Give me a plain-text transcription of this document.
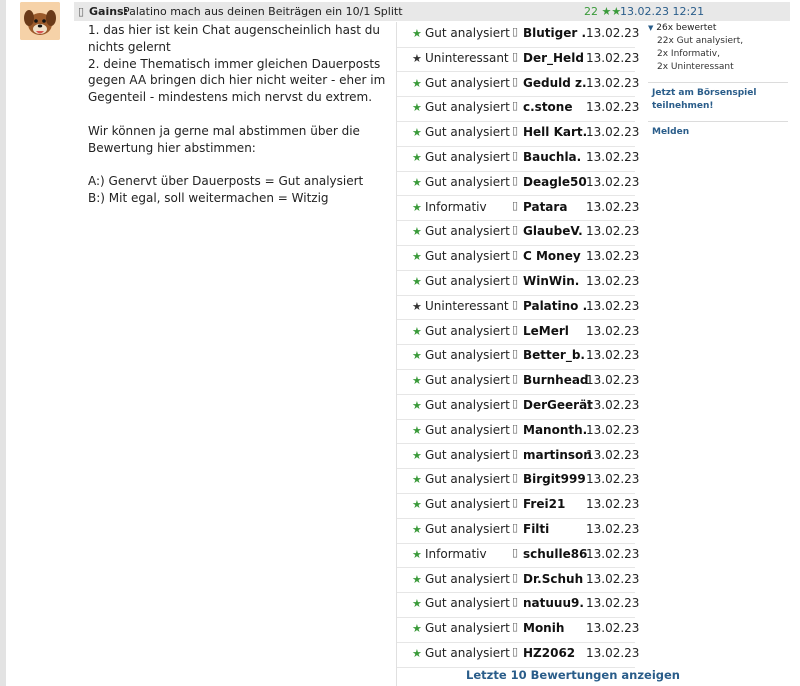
▯ Gains:
Palatino mach aus deinen Beiträgen ein 10/1 Splitt	22 ★★
13.02.23 12:21

1. das hier ist kein Chat augenscheinlich hast du nichts gelernt

2. deine Thematisch immer gleichen Dauerposts gegen AA bringen dich hier nicht weiter - eher im Gegenteil - mindestens mich nervst du extrem.

Wir können ja gerne mal abstimmen über die Bewertung hier abstimmen:

A:) Genervt über Dauerposts = Gut analysiert

B:) Mit egal, soll weitermachen = Witzig

★ Gut analysiert ▯ Blutiger . 13.02.23
★ Uninteressant ▯ Der_Held 13.02.23
★ Gut analysiert ▯ Geduld z. 13.02.23
★ Gut analysiert ▯ c.stone 13.02.23
★ Gut analysiert ▯ Hell Kart.
13.02.23
★ Gut analysiert ▯ Bauchla. 13.02.23
★ Gut analysiert ▯ Deagle50 13.02.23
★ Informativ ▯ Patara 13.02.23
★ Gut analysiert ▯ GlaubeV. 13.02.23
★ Gut analysiert ▯ C Money 13.02.23
★ Gut analysiert ▯ WinWin. 13.02.23
★ Uninteressant ▯ Palatino .
13.02.23
★ Gut analysiert ▯ LeMerl 13.02.23
★ Gut analysiert ▯ Better_b. 13.02.23
★ Gut analysiert ▯ Burnhead
13.02.23
★ Gut analysiert ▯ DerGeerät
13.02.23
★ Gut analysiert ▯ Manonth.
13.02.23
★ Gut analysiert ▯ martinson
13.02.23
★ Gut analysiert ▯ Birgit999 13.02.23
★ Gut analysiert ▯ Frei21 13.02.23
★ Gut analysiert ▯ Filti	13.02.23
★ Informativ ▯ schulle86
13.02.23
★ Gut analysiert ▯ Dr.Schuh 13.02.23
★ Gut analysiert ▯ natuuu9. 13.02.23
★ Gut analysiert ▯ Monih 13.02.23
★ Gut analysiert ▯ HZ2062 13.02.23
Letzte 10 Bewertungen anzeigen
▼ 26x bewertet
22x Gut analysiert,
2x Informativ,
2x Uninteressant
Jetzt am Börsenspiel
teilnehmen!
Melden
